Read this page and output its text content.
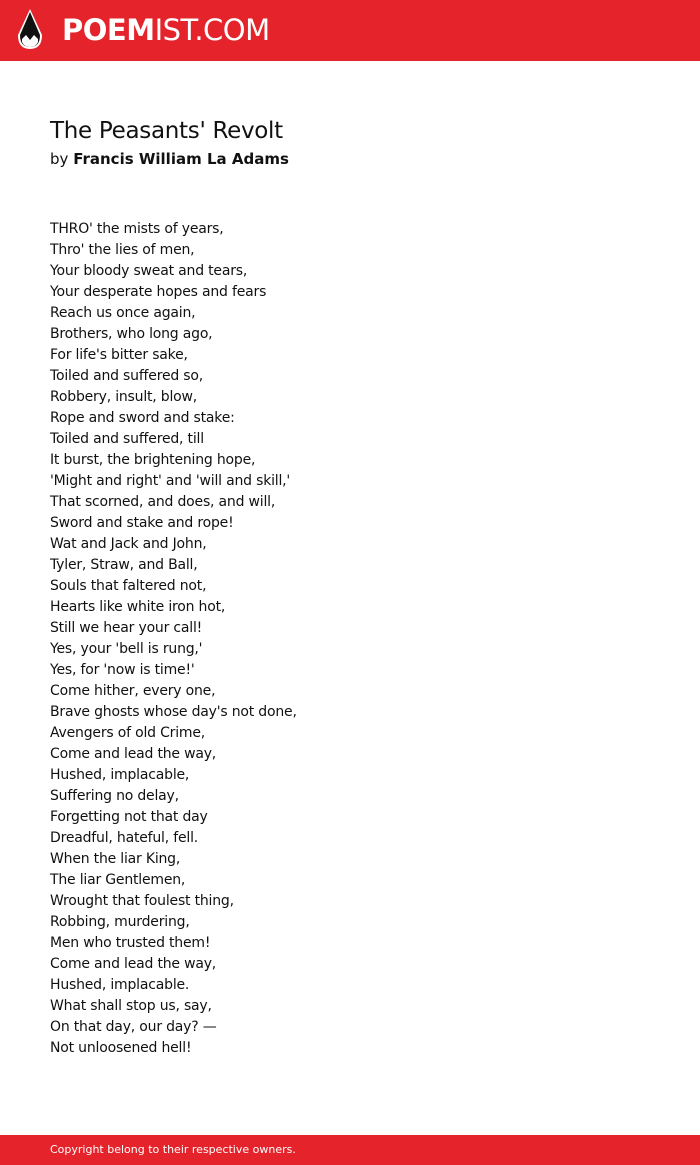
POEMIST.COM
The Peasants' Revolt
by Francis William La Adams
THRO' the mists of years,
Thro' the lies of men,
Your bloody sweat and tears,
Your desperate hopes and fears
Reach us once again,
Brothers, who long ago,
For life's bitter sake,
Toiled and suffered so,
Robbery, insult, blow,
Rope and sword and stake:
Toiled and suffered, till
It burst, the brightening hope,
'Might and right' and 'will and skill,'
That scorned, and does, and will,
Sword and stake and rope!
Wat and Jack and John,
Tyler, Straw, and Ball,
Souls that faltered not,
Hearts like white iron hot,
Still we hear your call!
Yes, your 'bell is rung,'
Yes, for 'now is time!'
Come hither, every one,
Brave ghosts whose day's not done,
Avengers of old Crime,
Come and lead the way,
Hushed, implacable,
Suffering no delay,
Forgetting not that day
Dreadful, hateful, fell.
When the liar King,
The liar Gentlemen,
Wrought that foulest thing,
Robbing, murdering,
Men who trusted them!
Come and lead the way,
Hushed, implacable.
What shall stop us, say,
On that day, our day? —
Not unloosened hell!
Copyright belong to their respective owners.
